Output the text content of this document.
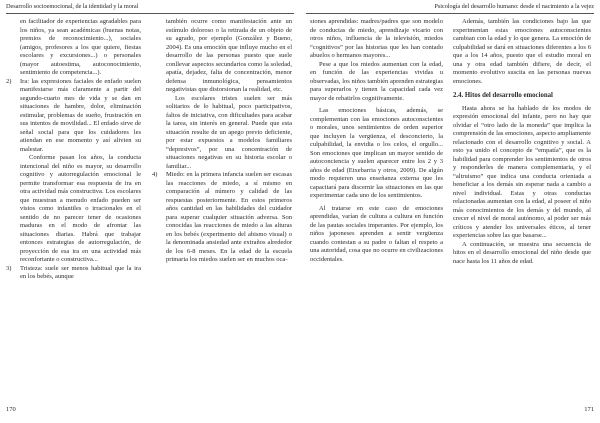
Desarrollo socioemocional, de la identidad y la moral

en facilitador de experiencias agradables para los niños, ya sean académicas (buenas notas, premios de reconocimiento...), sociales (amigos, profesores a los que quiere, fiestas escolares y excursiones...) o personales (mayor autoestima, autoconocimiento, sentimiento de competencia...).

2) Ira: las expresiones faciales de enfado suelen manifestarse más claramente a partir del segundo-cuarto mes de vida y se dan en situaciones de hambre, dolor, eliminación estimular, problemas de sueño, frustración en sus intentos de movilidad... El enfado sirve de señal social para que los cuidadores les atiendan en ese momento y así alivien su malestar.

Conforme pasan los años, la conducta intencional del niño es mayor, su desarrollo cognitivo y autorregulación emocional le permite transformar esa respuesta de ira en otra actividad más constructiva. Los escolares que muestran a menudo enfado pueden ser vistos como infantiles o irracionales en el sentido de no parecer tener de ocasiones maduras en el modo de afrontar las situaciones diarias. Habrá que trabajar entonces estrategias de autorregulación, de proyección de esa ira en una actividad más reconfortante o constructiva...

3) Tristeza: suele ser menos habitual que la ira en los bebés, aunque

también ocurre como manifestación ante un estímulo doloroso o la retirada de un objeto de su agrado, por ejemplo (González y Bueno, 2004). Es una emoción que influye mucho en el desarrollo de las personas puesto que suele conllevar aspectos secundarios como la soledad, apatía, dejadez, falta de concentración, menor defensa inmunológica, pensamientos negativistas que distorsionan la realidad, etc.

Los escolares tristes suelen ser más solitarios de lo habitual, poco participativos, faltos de iniciativa, con dificultades para acabar la tarea, sin interés en general. Puede que esta situación resulte de un apego previo deficiente, por estar expuestos a modelos familiares “depresivos”, por una concentración de situaciones negativas en su historia escolar o familiar...

4) Miedo: en la primera infancia suelen ser escasas las reacciones de miedo, a sí mismo en comparación al número y calidad de las respuestas posteriormente. En estos primeros años cantidad en las habilidades del cuidador para superar cualquier situación adversa. Son conocidas las reacciones de miedo a las alturas en los bebés (experimento del abismo visual) o la denominada ansiedad ante extraños alrededor de los 6-8 meses. En la edad de la escuela primaria los miedos suelen ser en muchos oca-

170
Psicología del desarrollo humano: desde el nacimiento a la vejez

siones aprendidas: madres/padres que son modelo de conductas de miedo, aprendizaje vicario con otros niños, influencia de la televisión, miedos “cognitivos” por las historias que les han contado abuelos o hermanos mayores...

Pese a que los miedos aumentan con la edad, en función de las experiencias vividas u observadas, los niños también aprenden estrategias para superarlos y tienen la capacidad cada vez mayor de rebatirlos cognitivamente.

Las emociones básicas, además, se complementan con las emociones autoconscientes o morales, unos sentimientos de orden superior que incluyen la vergüenza, el desconcierto, la culpabilidad, la envidia o los celos, el orgullo... Son emociones que implican un mayor sentido de autoconciencia y suelen aparecer entre los 2 y 3 años de edad (Etxebarria y otros, 2009). De algún modo requieren una enseñanza externa que les capacitará para discernir las situaciones en las que experimentar cada uno de los sentimientos.

Al tratarse en este caso de emociones aprendidas, varían de cultura a cultura en función de las pautas sociales imperantes. Por ejemplo, los niños japoneses aprenden a sentir vergüenza cuando contestan a su padre o faltan el respeto a una autoridad, cosa que no ocurre en civilizaciones occidentales.

Además, también las condiciones bajo las que experimentan estas emociones autoconscientes cambian con la edad y lo que genera. La emoción de culpabilidad se dará en situaciones diferentes a los 6 que a los 14 años, puesto que el estudio moral en una y otra edad también difiere, de decir, el momento evolutivo suscita en las personas nuevas emociones.

2.4. Hitos del desarrollo emocional

Hasta ahora se ha hablado de los modos de expresión emocional del infante, pero no hay que olvidar el “otro lado de la moneda” que implica la comprensión de las emociones, aspecto ampliamente relacionado con el desarrollo cognitivo y social. A esto ya unido el concepto de “empatía”, que es la habilidad para comprender los sentimientos de otros y responderles de manera complementaria, y el “altruismo” que indica una conducta orientada a beneficiar a los demás sin esperar nada a cambio a nivel individual. Estas y otras conductas relacionadas aumentan con la edad, al poseer el niño más conocimientos de los demás y del mundo, al crecer el nivel de moral autónomo, al poder ser más críticos y atender los universales éticos, al tener experiencias sobre las que basarse...

A continuación, se muestra una secuencia de hitos en el desarrollo emocional del niño desde que nace hasta los 11 años de edad.

171
